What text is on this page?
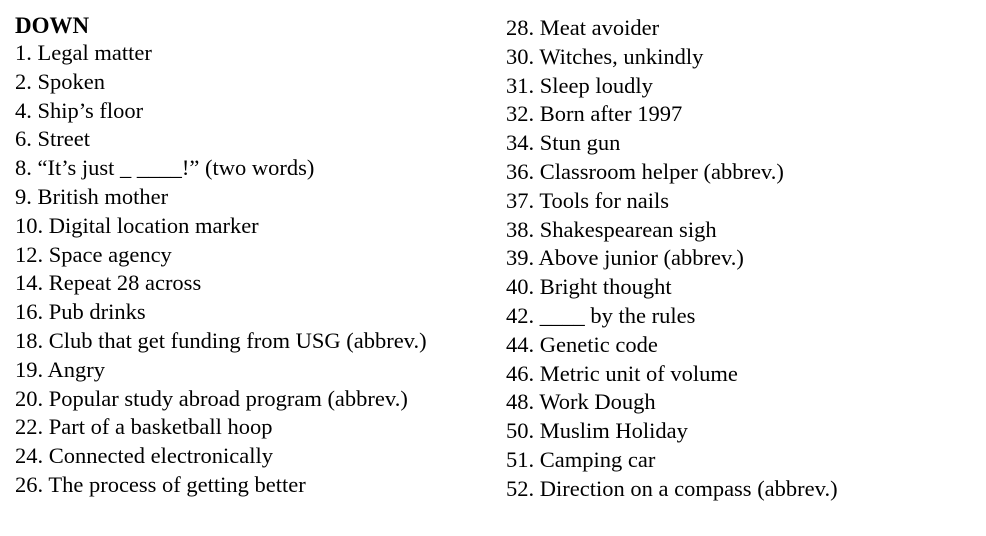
DOWN
1. Legal matter
2. Spoken
4. Ship’s floor
6. Street
8. “It’s just _ ____!” (two words)
9. British mother
10. Digital location marker
12. Space agency
14. Repeat 28 across
16. Pub drinks
18. Club that get funding from USG (abbrev.)
19. Angry
20. Popular study abroad program (abbrev.)
22. Part of a basketball hoop
24. Connected electronically
26. The process of getting better
28. Meat avoider
30. Witches, unkindly
31. Sleep loudly
32. Born after 1997
34. Stun gun
36. Classroom helper (abbrev.)
37. Tools for nails
38. Shakespearean sigh
39. Above junior (abbrev.)
40. Bright thought
42. ____ by the rules
44. Genetic code
46. Metric unit of volume
48. Work Dough
50. Muslim Holiday
51. Camping car
52. Direction on a compass (abbrev.)
